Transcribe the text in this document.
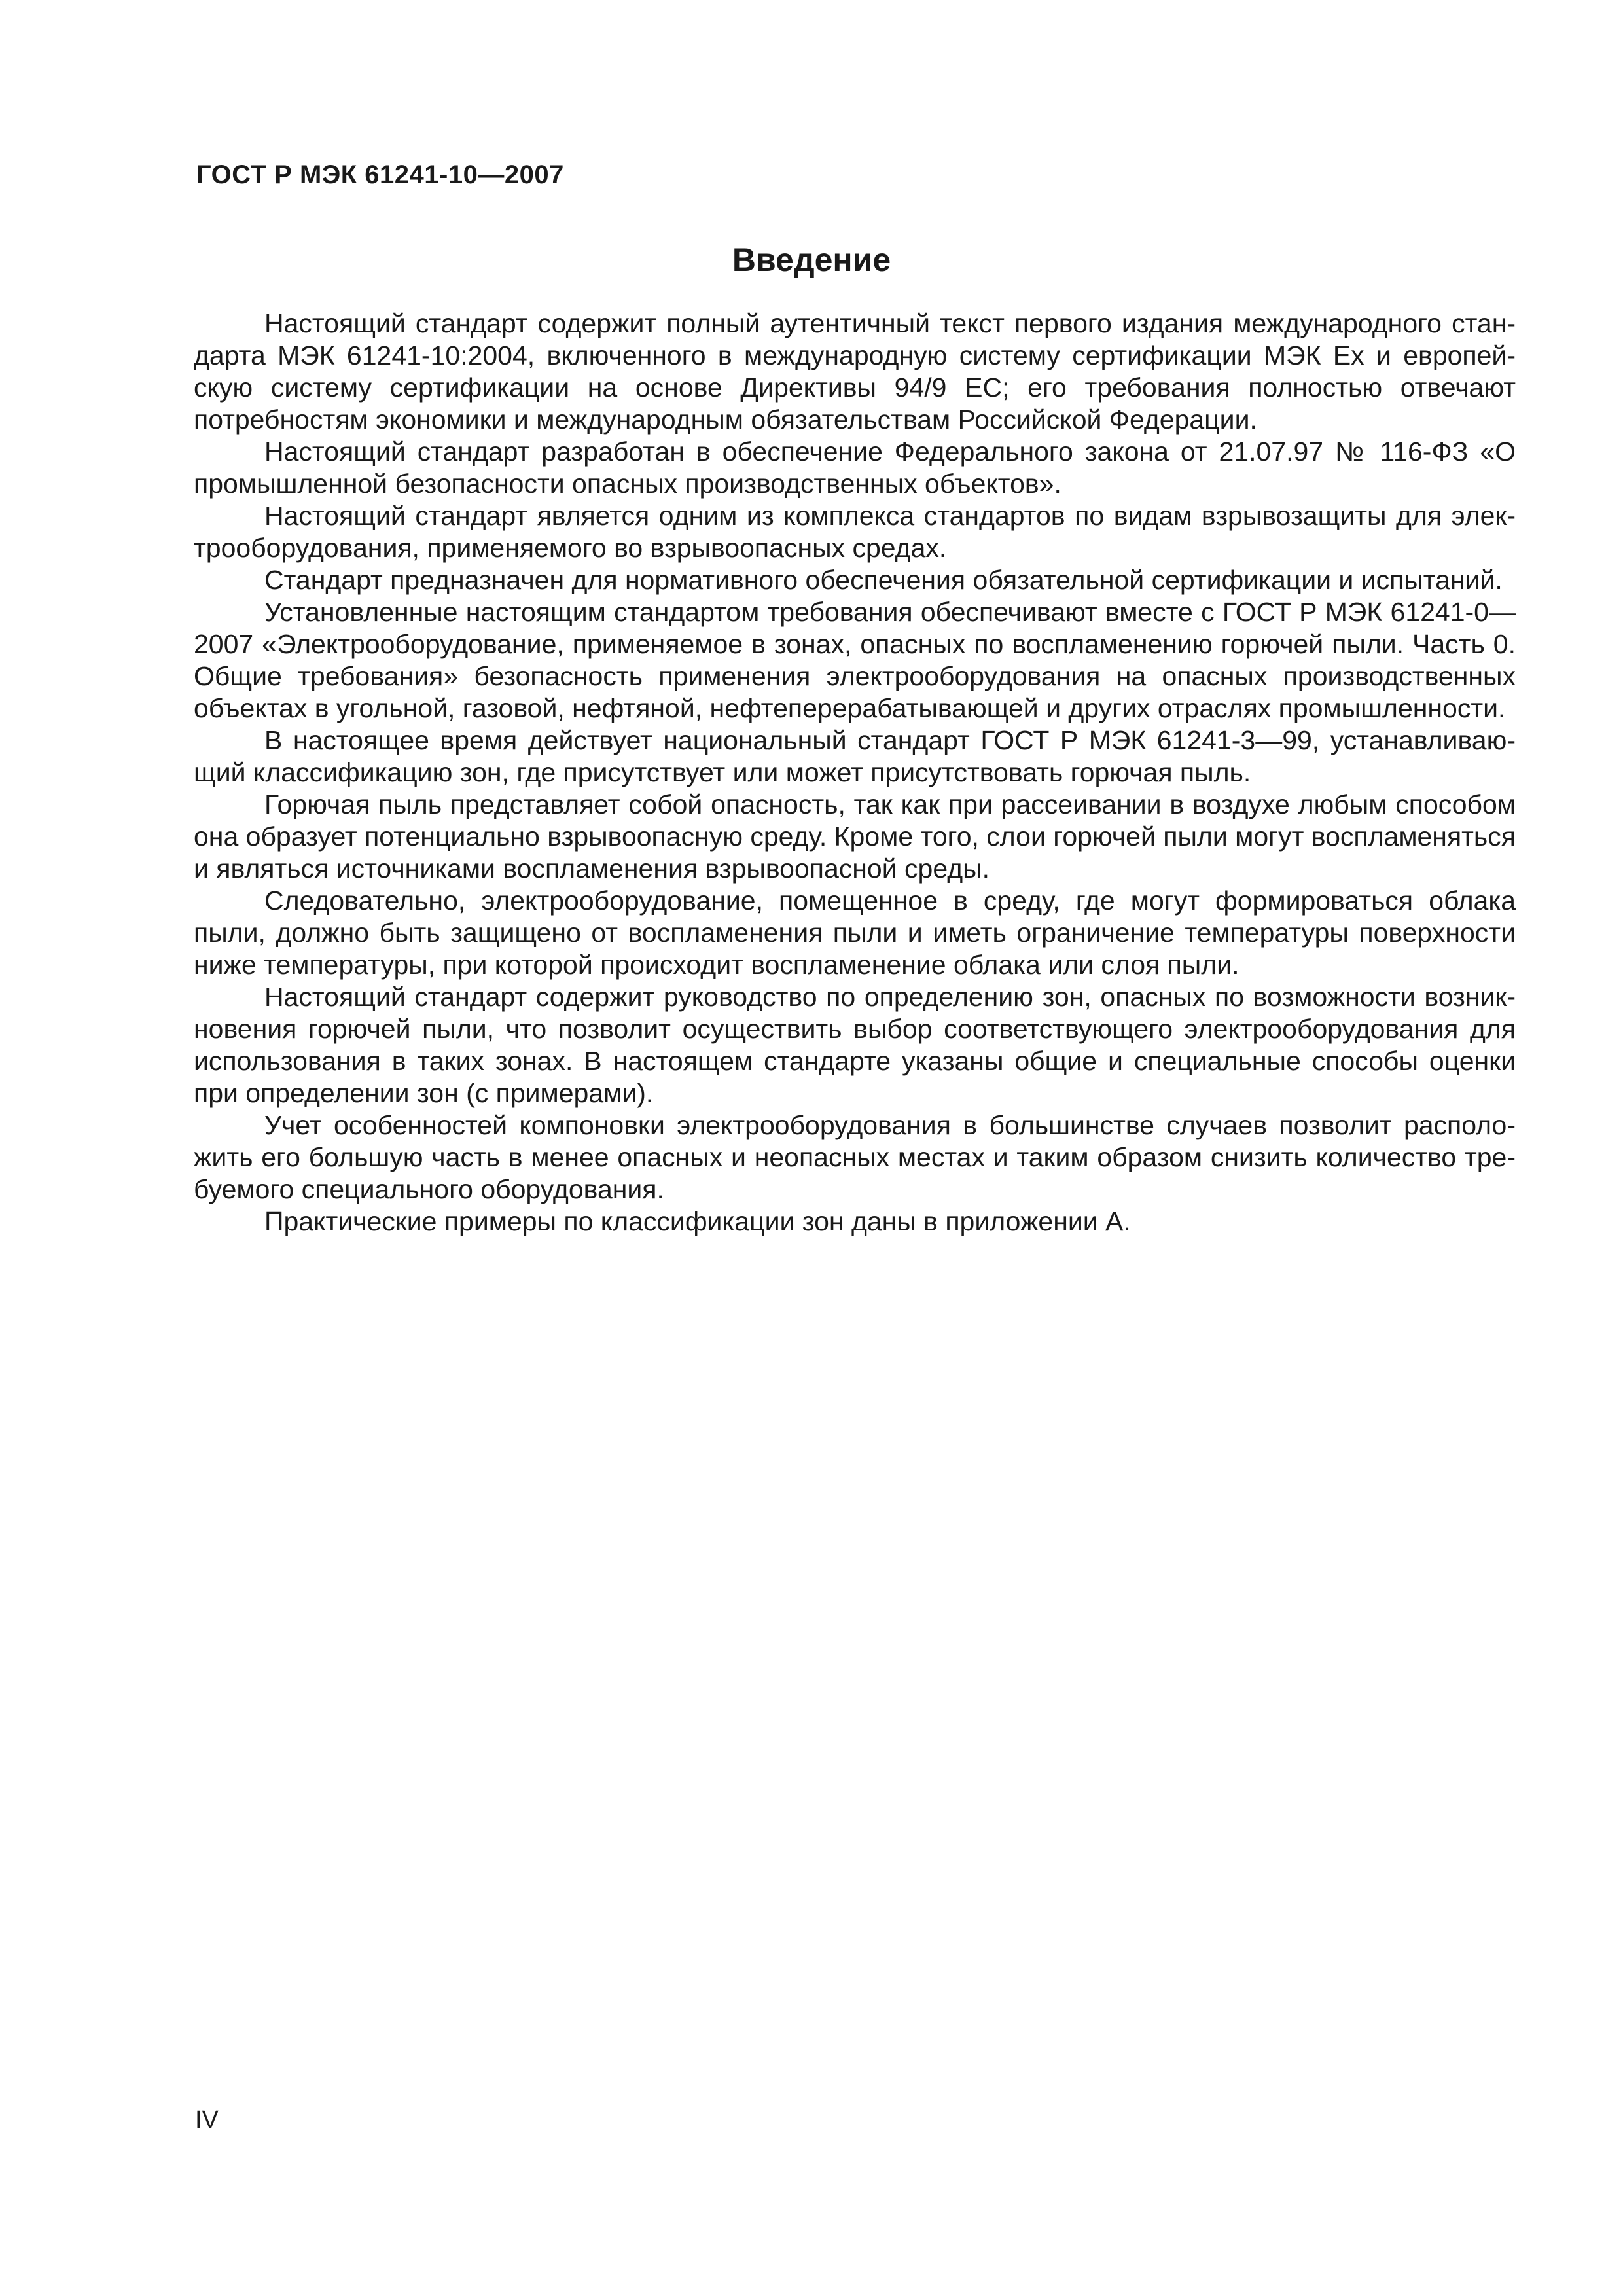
ГОСТ Р МЭК 61241-10—2007
Введение

Настоящий стандарт содержит полный аутентичный текст первого издания международного стандарта МЭК 61241-10:2004, включенного в международную систему сертификации МЭК Ex и европейскую систему сертификации на основе Директивы 94/9 ЕС; его требования полностью отвечают потребностям экономики и международным обязательствам Российской Федерации.

Настоящий стандарт разработан в обеспечение Федерального закона от 21.07.97 № 116-ФЗ «О промышленной безопасности опасных производственных объектов».

Настоящий стандарт является одним из комплекса стандартов по видам взрывозащиты для электрооборудования, применяемого во взрывоопасных средах.

Стандарт предназначен для нормативного обеспечения обязательной сертификации и испытаний.

Установленные настоящим стандартом требования обеспечивают вместе с ГОСТ Р МЭК 61241-0—2007 «Электрооборудование, применяемое в зонах, опасных по воспламенению горючей пыли. Часть 0. Общие требования» безопасность применения электрооборудования на опасных производственных объектах в угольной, газовой, нефтяной, нефтеперерабатывающей и других отраслях промышленности.

В настоящее время действует национальный стандарт ГОСТ Р МЭК 61241-3—99, устанавливающий классификацию зон, где присутствует или может присутствовать горючая пыль.

Горючая пыль представляет собой опасность, так как при рассеивании в воздухе любым способом она образует потенциально взрывоопасную среду. Кроме того, слои горючей пыли могут воспламеняться и являться источниками воспламенения взрывоопасной среды.

Следовательно, электрооборудование, помещенное в среду, где могут формироваться облака пыли, должно быть защищено от воспламенения пыли и иметь ограничение температуры поверхности ниже температуры, при которой происходит воспламенение облака или слоя пыли.

Настоящий стандарт содержит руководство по определению зон, опасных по возможности возникновения горючей пыли, что позволит осуществить выбор соответствующего электрооборудования для использования в таких зонах. В настоящем стандарте указаны общие и специальные способы оценки при определении зон (с примерами).

Учет особенностей компоновки электрооборудования в большинстве случаев позволит расположить его большую часть в менее опасных и неопасных местах и таким образом снизить количество требуемого специального оборудования.

Практические примеры по классификации зон даны в приложении А.

IV
